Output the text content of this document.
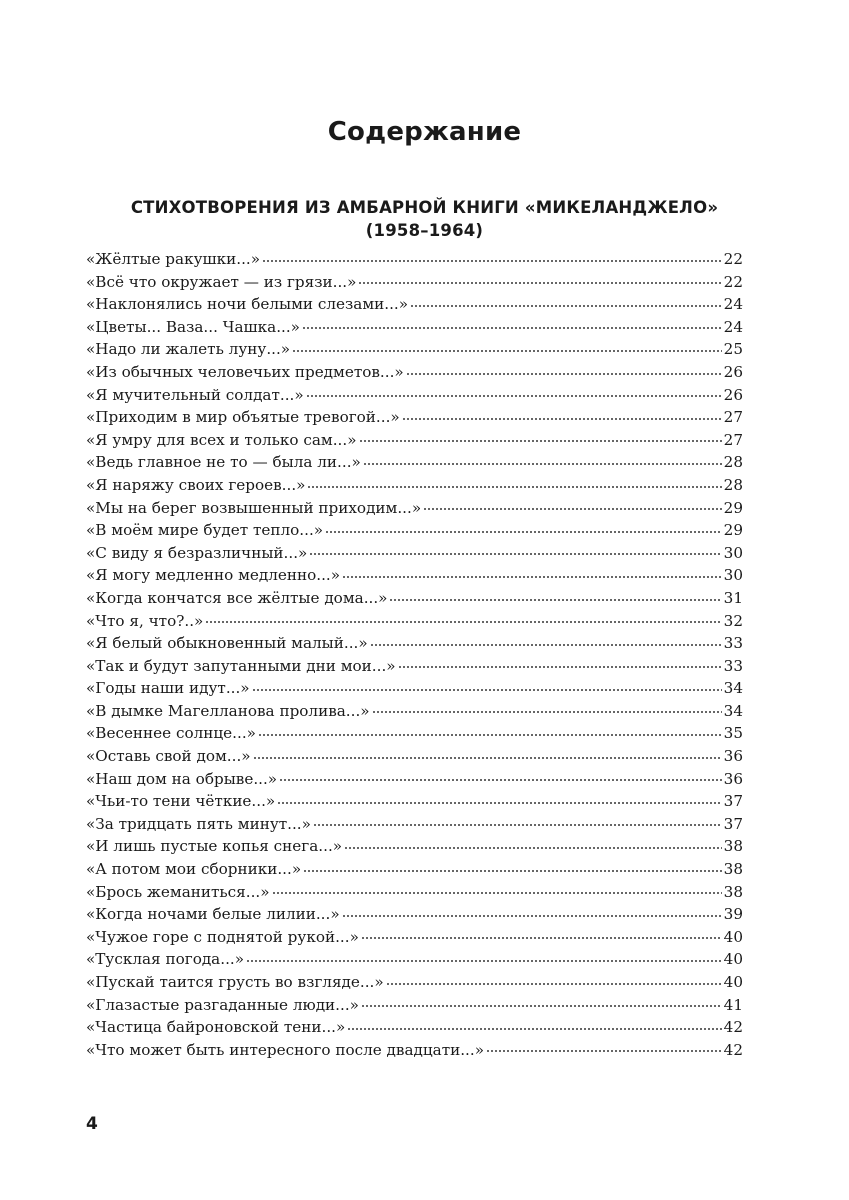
Содержание
СТИХОТВОРЕНИЯ ИЗ АМБАРНОЙ КНИГИ «МИКЕЛАНДЖЕЛО»
(1958–1964)
«Жёлтые ракушки...»	22
«Всё что окружает — из грязи...»	22
«Наклонялись ночи белыми слезами...»	24
«Цветы... Ваза... Чашка...»	24
«Надо ли жалеть луну...»	25
«Из обычных человечьих предметов...»	26
«Я мучительный солдат...»	26
«Приходим в мир объятые тревогой...»	27
«Я умру для всех и только сам...»	27
«Ведь главное не то — была ли...»	28
«Я наряжу своих героев...»	28
«Мы на берег возвышенный приходим...»	29
«В моём мире будет тепло...»	29
«С виду я безразличный...»	30
«Я могу медленно медленно...»	30
«Когда кончатся все жёлтые дома...»	31
«Что я, что?..»	32
«Я белый обыкновенный малый...»	33
«Так и будут запутанными дни мои...»	33
«Годы наши идут...»	34
«В дымке Магелланова пролива...»	34
«Весеннее солнце...»	35
«Оставь свой дом...»	36
«Наш дом на обрыве...»	36
«Чьи-то тени чёткие...»	37
«За тридцать пять минут...»	37
«И лишь пустые копья снега...»	38
«А потом мои сборники...»	38
«Брось жеманиться...»	38
«Когда ночами белые лилии...»	39
«Чужое горе с поднятой рукой...»	40
«Тусклая погода...»	40
«Пускай таится грусть во взгляде...»	40
«Глазастые разгаданные люди...»	41
«Частица байроновской тени...»	42
«Что может быть интересного после двадцати...»	42
4
